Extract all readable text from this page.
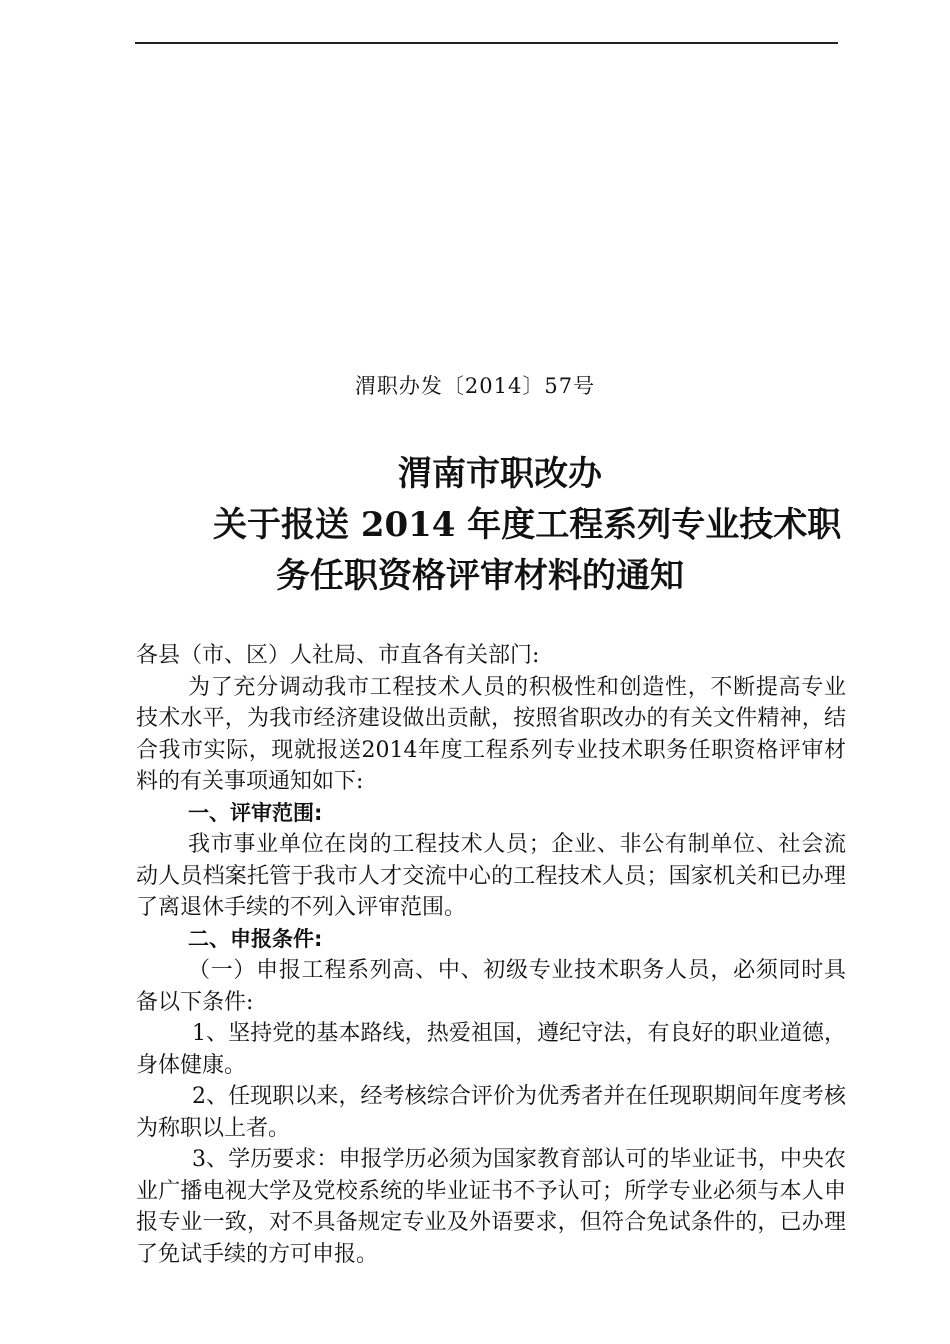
渭职办发〔2014〕57号
渭南市职改办
关于报送 2014 年度工程系列专业技术职
务任职资格评审材料的通知

各县（市、区）人社局、市直各有关部门:

为了充分调动我市工程技术人员的积极性和创造性，不断提高专业技术水平，为我市经济建设做出贡献，按照省职改办的有关文件精神，结合我市实际，现就报送2014年度工程系列专业技术职务任职资格评审材料的有关事项通知如下:

一、评审范围:

我市事业单位在岗的工程技术人员；企业、非公有制单位、社会流动人员档案托管于我市人才交流中心的工程技术人员；国家机关和已办理了离退休手续的不列入评审范围。

二、申报条件:

（一）申报工程系列高、中、初级专业技术职务人员，必须同时具备以下条件:

1、坚持党的基本路线，热爱祖国，遵纪守法，有良好的职业道德，身体健康。

2、任现职以来，经考核综合评价为优秀者并在任现职期间年度考核为称职以上者。

3、学历要求：申报学历必须为国家教育部认可的毕业证书，中央农业广播电视大学及党校系统的毕业证书不予认可；所学专业必须与本人申报专业一致，对不具备规定专业及外语要求，但符合免试条件的，已办理了免试手续的方可申报。
